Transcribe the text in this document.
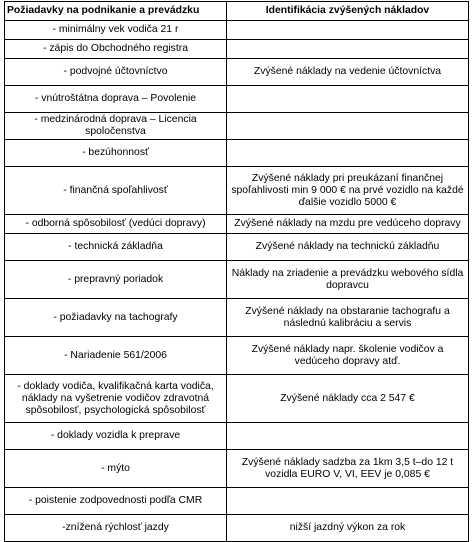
Požiadavky na podnikanie a prevádzku	Identifikácia zvýšených nákladov
- minimálny vek vodiča 21 r	
- zápis do Obchodného registra	
- podvojné účtovníctvo	Zvýšené náklady na vedenie účtovníctva
- vnútroštátna doprava – Povolenie	
- medzinárodná doprava – Licencia spoločenstva	
- bezúhonnosť	
- finančná spoľahlivosť	Zvýšené náklady pri preukázaní finančnej spoľahlivosti min 9 000 € na prvé vozidlo na každé ďalšie vozidlo 5000 €
- odborná spôsobilosť (vedúci dopravy)	Zvýšené náklady na mzdu pre vedúceho dopravy
- technická základňa	Zvýšené náklady na technickú základňu
- prepravný poriadok	Náklady na zriadenie a prevádzku webového sídla dopravcu
- požiadavky na tachografy	Zvýšené náklady na obstaranie tachografu a následnú kalibráciu a servis
- Nariadenie 561/2006	Zvýšené náklady napr. školenie vodičov a vedúceho dopravy atď.
- doklady vodiča, kvalifikačná karta vodiča, náklady na vyšetrenie vodičov zdravotná spôsobilosť, psychologická spôsobilosť	Zvýšené náklady cca 2 547 €
- doklady vozidla k preprave	
- mýto	Zvýšené náklady sadzba za 1km 3,5 t–do 12 t vozidla EURO V, VI, EEV je 0,085 €
- poistenie zodpovednosti podľa CMR	
-znížená rýchlosť jazdy	nižší jazdný výkon za rok
